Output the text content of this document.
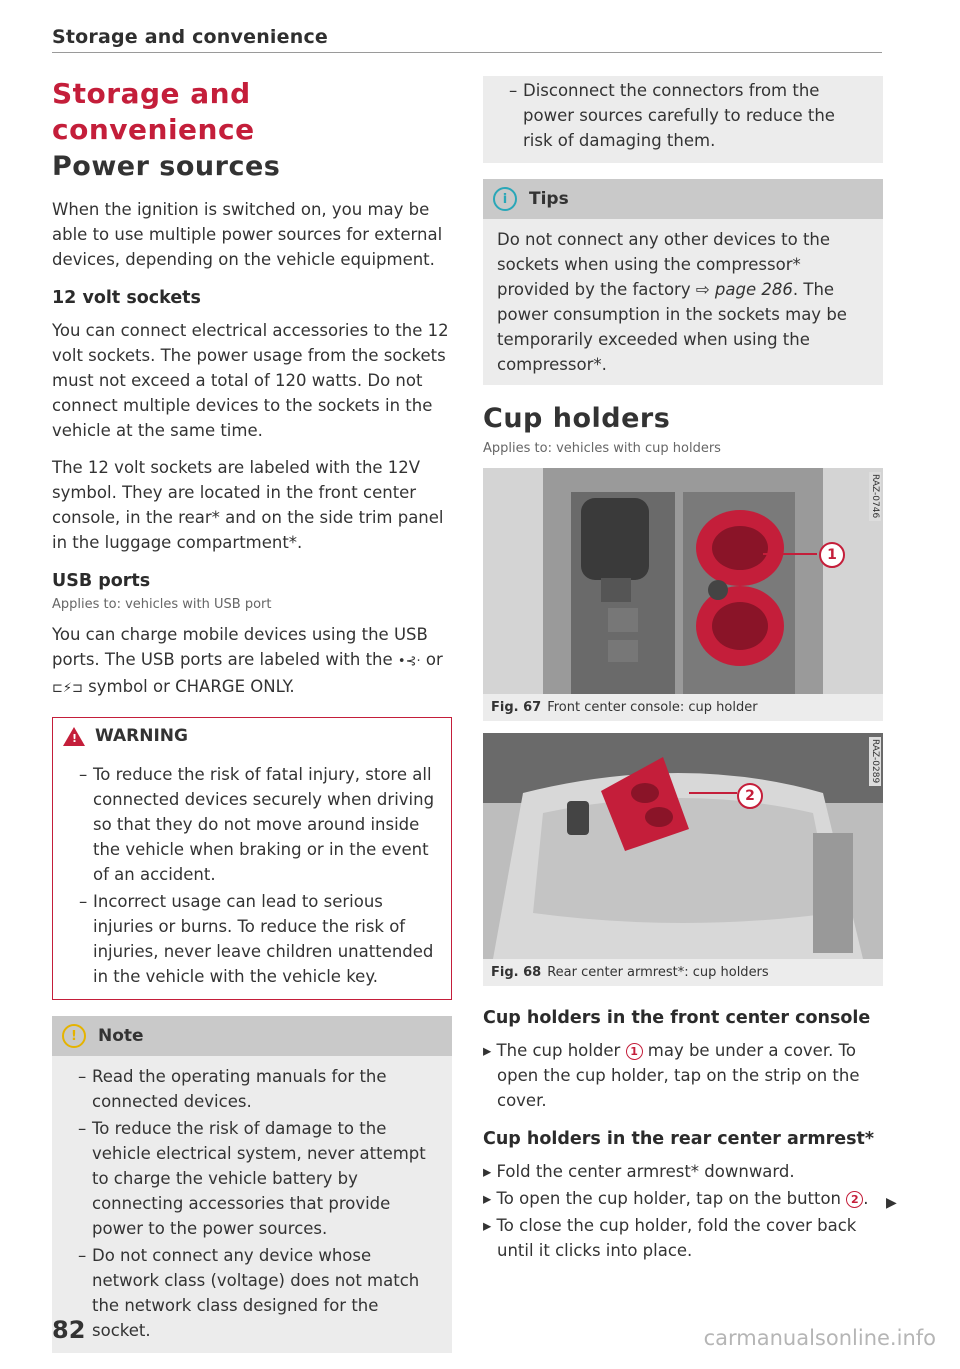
Storage and convenience
Storage and convenience
Power sources

When the ignition is switched on, you may be able to use multiple power sources for external devices, depending on the vehicle equipment.

12 volt sockets

You can connect electrical accessories to the 12 volt sockets. The power usage from the sockets must not exceed a total of 120 watts. Do not connect multiple devices to the sockets in the vehicle at the same time.

The 12 volt sockets are labeled with the 12V symbol. They are located in the front center console, in the rear* and on the side trim panel in the luggage compartment*.

USB ports
Applies to: vehicles with USB port

You can charge mobile devices using the USB ports. The USB ports are labeled with the •⊰· or
⊏⚡⊐ symbol or CHARGE ONLY.

! WARNING

– To reduce the risk of fatal injury, store all connected devices securely when driving so that they do not move around inside the vehicle when braking or in the event of an accident.

– Incorrect usage can lead to serious injuries or burns. To reduce the risk of injuries, never leave children unattended in the vehicle with the vehicle key.

!	Note

– Read the operating manuals for the connected devices.

– To reduce the risk of damage to the vehicle electrical system, never attempt to charge the vehicle battery by connecting accessories that provide power to the power sources.

– Do not connect any device whose network class (voltage) does not match the network class designed for the socket.

– Disconnect the connectors from the power sources carefully to reduce the risk of damaging them.

i	Tips

Do not connect any other devices to the sockets when using the compressor* provided by the factory ⇨ page 286. The power consumption in the sockets may be temporarily exceeded when using the compressor*.

Cup holders
Applies to: vehicles with cup holders
RAZ-0746
1
Fig. 67 Front center console: cup holder
RAZ-0289
2
Fig. 68 Rear center armrest*: cup holders
Cup holders in the front center console

▸ The cup holder 1 may be under a cover. To open the cup holder, tap on the strip on the cover.

Cup holders in the rear center armrest*

▸ Fold the center armrest* downward.

▸ To open the cup holder, tap on the button 2 .

▸ To close the cup holder, fold the cover back until it clicks into place.

▶
82	carmanualsonline.info
